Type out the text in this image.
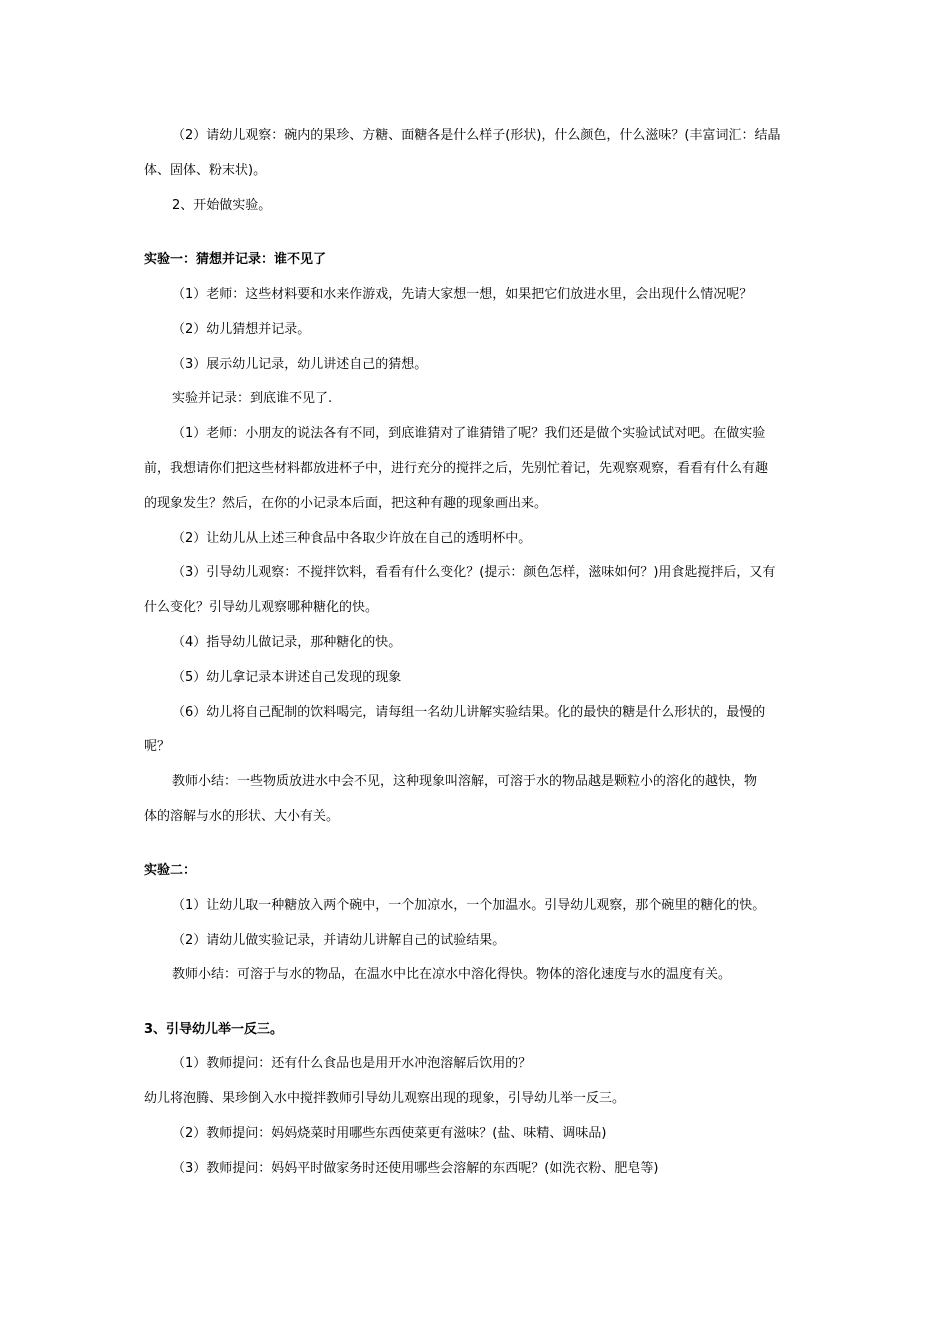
（2）请幼儿观察：碗内的果珍、方糖、面糖各是什么样子(形状)，什么颜色，什么滋味？(丰富词汇：结晶
体、固体、粉末状)。
2、开始做实验。
实验一：猜想并记录：谁不见了
（1）老师：这些材料要和水来作游戏，先请大家想一想，如果把它们放进水里，会出现什么情况呢？
（2）幼儿猜想并记录。
（3）展示幼儿记录，幼儿讲述自己的猜想。
实验并记录：到底谁不见了.
（1）老师：小朋友的说法各有不同，到底谁猜对了谁猜错了呢？我们还是做个实验试试对吧。在做实验
前，我想请你们把这些材料都放进杯子中，进行充分的搅拌之后，先别忙着记，先观察观察，看看有什么有趣
的现象发生？然后，在你的小记录本后面，把这种有趣的现象画出来。
（2）让幼儿从上述三种食品中各取少许放在自己的透明杯中。
（3）引导幼儿观察：不搅拌饮料，看看有什么变化？(提示：颜色怎样，滋味如何？)用食匙搅拌后，又有
什么变化？引导幼儿观察哪种糖化的快。
（4）指导幼儿做记录，那种糖化的快。
（5）幼儿拿记录本讲述自己发现的现象
（6）幼儿将自己配制的饮料喝完，请每组一名幼儿讲解实验结果。化的最快的糖是什么形状的，最慢的
呢？
教师小结：一些物质放进水中会不见，这种现象叫溶解，可溶于水的物品越是颗粒小的溶化的越快，物
体的溶解与水的形状、大小有关。
实验二：
（1）让幼儿取一种糖放入两个碗中，一个加凉水，一个加温水。引导幼儿观察，那个碗里的糖化的快。
（2）请幼儿做实验记录，并请幼儿讲解自己的试验结果。
教师小结：可溶于与水的物品，在温水中比在凉水中溶化得快。物体的溶化速度与水的温度有关。
3、引导幼儿举一反三。
（1）教师提问：还有什么食品也是用开水冲泡溶解后饮用的？
幼儿将泡腾、果珍倒入水中搅拌教师引导幼儿观察出现的现象，引导幼儿举一反三。
（2）教师提问：妈妈烧菜时用哪些东西使菜更有滋味？(盐、味精、调味品)
（3）教师提问：妈妈平时做家务时还使用哪些会溶解的东西呢？(如洗衣粉、肥皂等)
